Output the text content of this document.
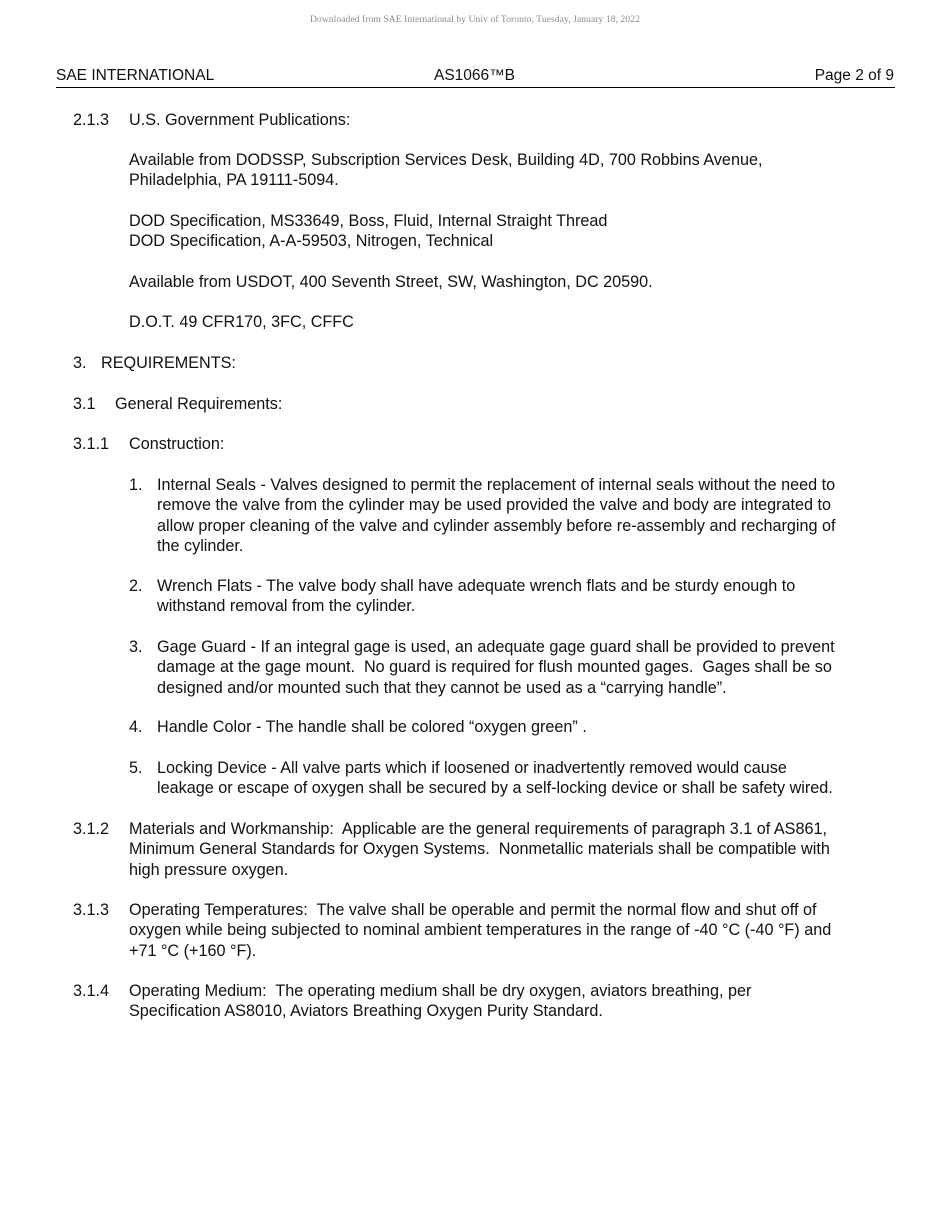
Downloaded from SAE International by Univ of Toronto, Tuesday, January 18, 2022
SAE INTERNATIONAL	AS1066™B	Page 2 of 9
2.1.3 U.S. Government Publications:

Available from DODSSP, Subscription Services Desk, Building 4D, 700 Robbins Avenue,

Philadelphia, PA 19111-5094.

DOD Specification, MS33649, Boss, Fluid, Internal Straight Thread

DOD Specification, A-A-59503, Nitrogen, Technical

Available from USDOT, 400 Seventh Street, SW, Washington, DC 20590.

D.O.T. 49 CFR170, 3FC, CFFC

3. REQUIREMENTS:
3.1 General Requirements:
3.1.1 Construction:
1. Internal Seals - Valves designed to permit the replacement of internal seals without the need to

remove the valve from the cylinder may be used provided the valve and body are integrated to

allow proper cleaning of the valve and cylinder assembly before re-assembly and recharging of

the cylinder.

2. Wrench Flats - The valve body shall have adequate wrench flats and be sturdy enough to

withstand removal from the cylinder.

3. Gage Guard - If an integral gage is used, an adequate gage guard shall be provided to prevent

damage at the gage mount.  No guard is required for flush mounted gages.  Gages shall be so

designed and/or mounted such that they cannot be used as a “carrying handle”.

4. Handle Color - The handle shall be colored “oxygen green” .

5. Locking Device - All valve parts which if loosened or inadvertently removed would cause

leakage or escape of oxygen shall be secured by a self-locking device or shall be safety wired.

3.1.2 Materials and Workmanship:  Applicable are the general requirements of paragraph 3.1 of AS861,

Minimum General Standards for Oxygen Systems.  Nonmetallic materials shall be compatible with

high pressure oxygen.

3.1.3 Operating Temperatures:  The valve shall be operable and permit the normal flow and shut off of

oxygen while being subjected to nominal ambient temperatures in the range of -40 °C (-40 °F) and

+71 °C (+160 °F).

3.1.4 Operating Medium:  The operating medium shall be dry oxygen, aviators breathing, per

Specification AS8010, Aviators Breathing Oxygen Purity Standard.
